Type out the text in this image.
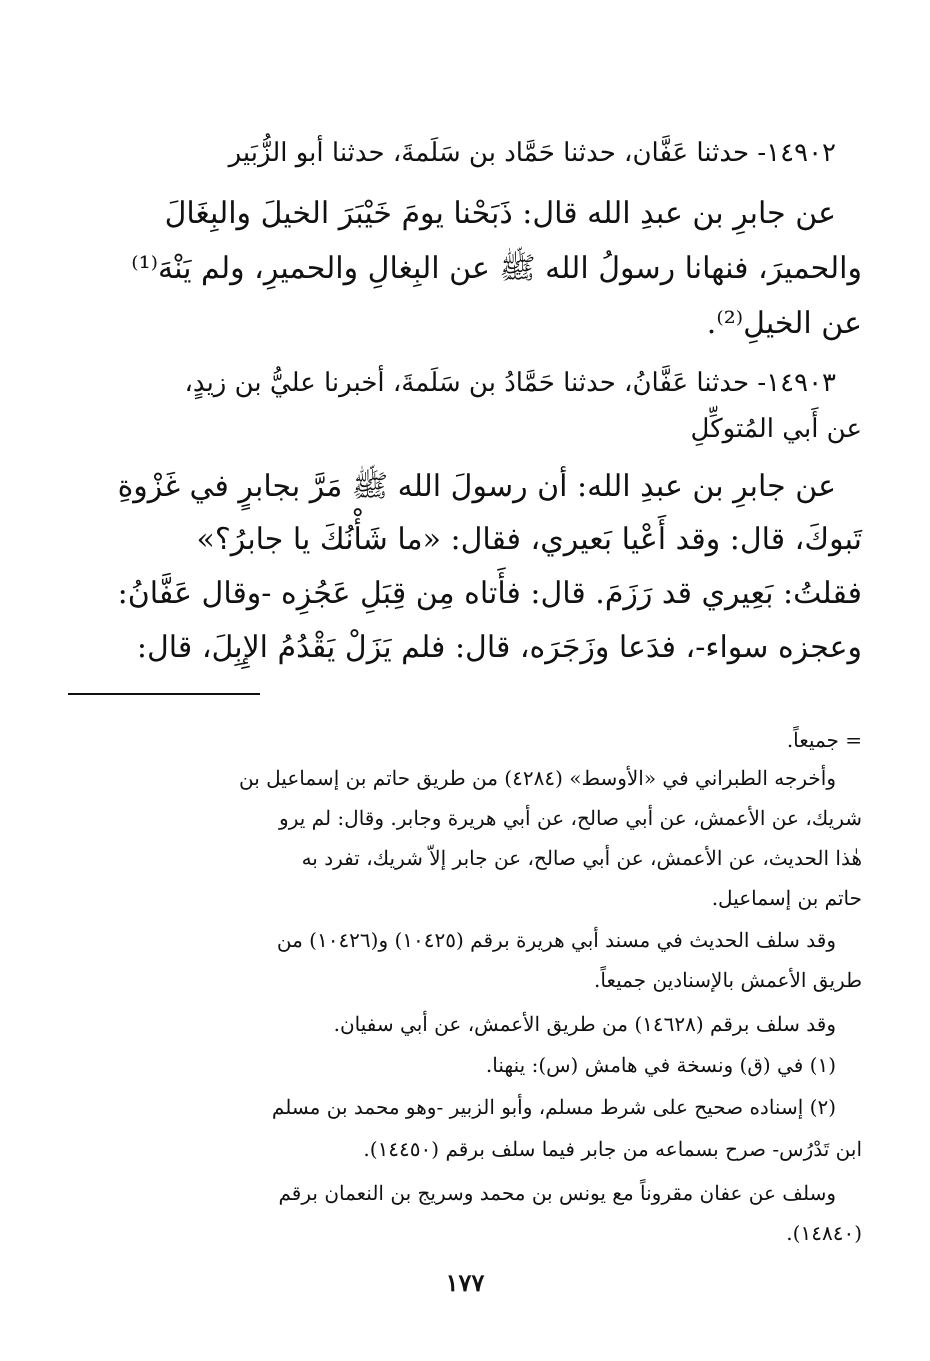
١٤٩٠٢- حدثنا عَفَّان، حدثنا حَمَّاد بن سَلَمةَ، حدثنا أبو الزُّبَير
عن جابرِ بن عبدِ الله قال: ذَبَحْنا يومَ خَيْبَرَ الخيلَ والبِغَالَ
والحميرَ، فنهانا رسولُ الله ﷺ عن البِغالِ والحميرِ، ولم يَنْهَ⁽¹⁾
عن الخيلِ⁽²⁾.
١٤٩٠٣- حدثنا عَفَّانُ، حدثنا حَمَّادُ بن سَلَمةَ، أخبرنا عليُّ بن زيدٍ،
عن أَبي المُتوكِّلِ
عن جابرِ بن عبدِ الله: أن رسولَ الله ﷺ مَرَّ بجابرٍ في غَزْوةِ
تَبوكَ، قال: وقد أَعْيا بَعيري، فقال: «ما شَأْنُكَ يا جابرُ؟»
فقلتُ: بَعِيري قد رَزَمَ. قال: فأَتاه مِن قِبَلِ عَجُزِه -وقال عَفَّانُ:
وعجزه سواء-، فدَعا وزَجَرَه، قال: فلم يَزَلْ يَقْدُمُ الإِبِلَ، قال:
= جميعاً.
وأخرجه الطبراني في «الأوسط» (٤٢٨٤) من طريق حاتم بن إسماعيل بن
شريك، عن الأعمش، عن أبي صالح، عن أبي هريرة وجابر. وقال: لم يرو
هٰذا الحديث، عن الأعمش، عن أبي صالح، عن جابر إلاّ شريك، تفرد به
حاتم بن إسماعيل.
وقد سلف الحديث في مسند أبي هريرة برقم (١٠٤٢٥) و(١٠٤٢٦) من
طريق الأعمش بالإسنادين جميعاً.
وقد سلف برقم (١٤٦٢٨) من طريق الأعمش، عن أبي سفيان.
(١) في (ق) ونسخة في هامش (س): ينهنا.
(٢) إسناده صحيح على شرط مسلم، وأبو الزبير -وهو محمد بن مسلم
ابن تَدْرُس- صرح بسماعه من جابر فيما سلف برقم (١٤٤٥٠).
وسلف عن عفان مقروناً مع يونس بن محمد وسريج بن النعمان برقم
(١٤٨٤٠).
١٧٧
